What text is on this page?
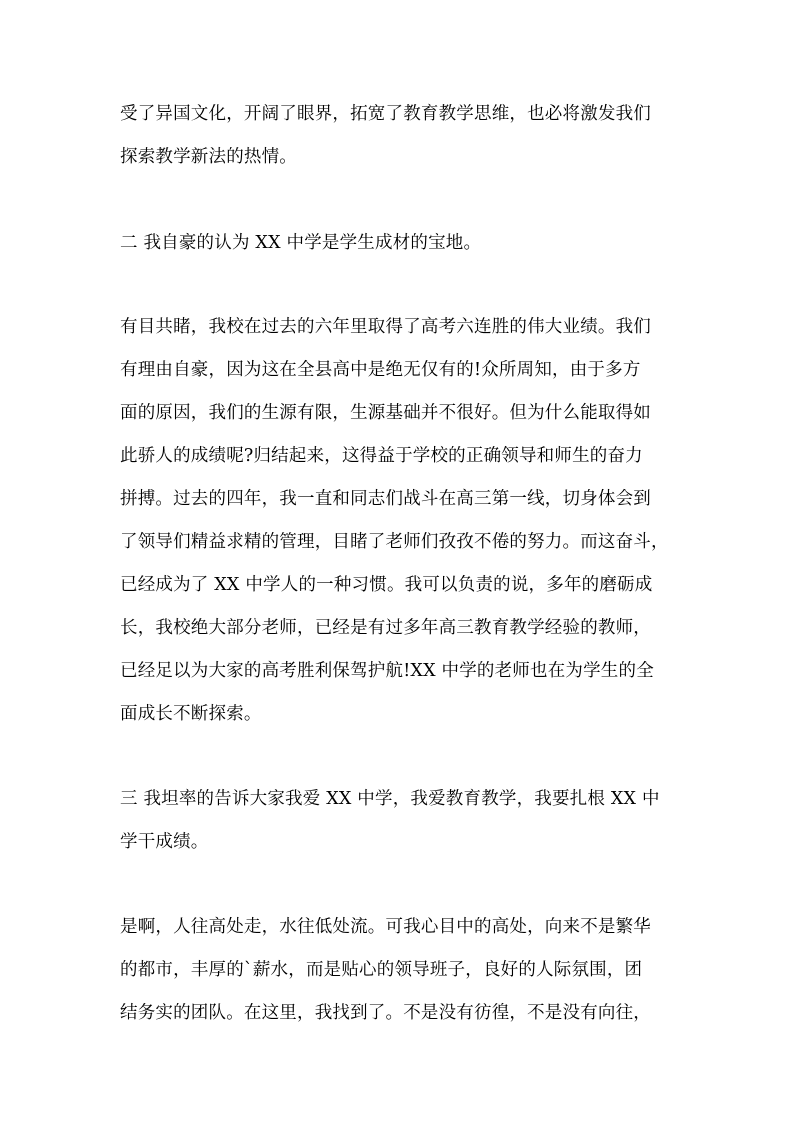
受了异国文化，开阔了眼界，拓宽了教育教学思维，也必将激发我们
探索教学新法的热情。
二 我自豪的认为 XX 中学是学生成材的宝地。
有目共睹，我校在过去的六年里取得了高考六连胜的伟大业绩。我们
有理由自豪，因为这在全县高中是绝无仅有的!众所周知，由于多方
面的原因，我们的生源有限，生源基础并不很好。但为什么能取得如
此骄人的成绩呢?归结起来，这得益于学校的正确领导和师生的奋力
拼搏。过去的四年，我一直和同志们战斗在高三第一线，切身体会到
了领导们精益求精的管理，目睹了老师们孜孜不倦的努力。而这奋斗，
已经成为了 XX 中学人的一种习惯。我可以负责的说，多年的磨砺成
长，我校绝大部分老师，已经是有过多年高三教育教学经验的教师，
已经足以为大家的高考胜利保驾护航!XX 中学的老师也在为学生的全
面成长不断探索。
三 我坦率的告诉大家我爱 XX 中学，我爱教育教学，我要扎根 XX 中
学干成绩。
是啊，人往高处走，水往低处流。可我心目中的高处，向来不是繁华
的都市，丰厚的`薪水，而是贴心的领导班子，良好的人际氛围，团
结务实的团队。在这里，我找到了。不是没有彷徨，不是没有向往，
